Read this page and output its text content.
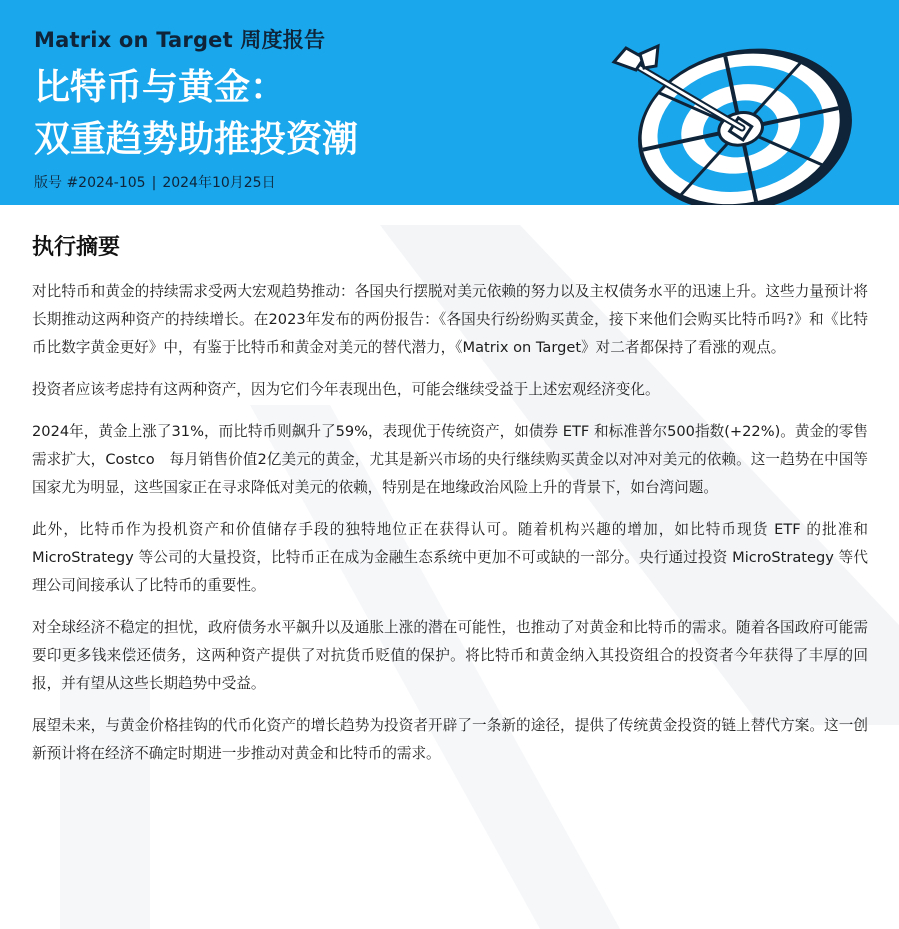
Matrix on Target 周度报告
比特币与黄金：
双重趋势助推投资潮
版号 #2024-105 | 2024年10月25日
执行摘要

对比特币和黄金的持续需求受两大宏观趋势推动：各国央行摆脱对美元依赖的努力以及主权债务水平的迅速上升。这些力量预计将长期推动这两种资产的持续增长。在2023年发布的两份报告：《各国央行纷纷购买黄金，接下来他们会购买比特币吗?》和《比特币比数字黄金更好》中，有鉴于比特币和黄金对美元的替代潜力，《Matrix on Target》对二者都保持了看涨的观点。

投资者应该考虑持有这两种资产，因为它们今年表现出色，可能会继续受益于上述宏观经济变化。

2024年，黄金上涨了31%，而比特币则飙升了59%，表现优于传统资产，如债券 ETF 和标准普尔500指数(+22%)。黄金的零售需求扩大，Costco　每月销售价值2亿美元的黄金，尤其是新兴市场的央行继续购买黄金以对冲对美元的依赖。这一趋势在中国等国家尤为明显，这些国家正在寻求降低对美元的依赖，特别是在地缘政治风险上升的背景下，如台湾问题。

此外，比特币作为投机资产和价值储存手段的独特地位正在获得认可。随着机构兴趣的增加，如比特币现货 ETF 的批准和 MicroStrategy 等公司的大量投资，比特币正在成为金融生态系统中更加不可或缺的一部分。央行通过投资 MicroStrategy 等代理公司间接承认了比特币的重要性。

对全球经济不稳定的担忧，政府债务水平飙升以及通胀上涨的潜在可能性，也推动了对黄金和比特币的需求。随着各国政府可能需要印更多钱来偿还债务，这两种资产提供了对抗货币贬值的保护。将比特币和黄金纳入其投资组合的投资者今年获得了丰厚的回报，并有望从这些长期趋势中受益。

展望未来，与黄金价格挂钩的代币化资产的增长趋势为投资者开辟了一条新的途径，提供了传统黄金投资的链上替代方案。这一创新预计将在经济不确定时期进一步推动对黄金和比特币的需求。
